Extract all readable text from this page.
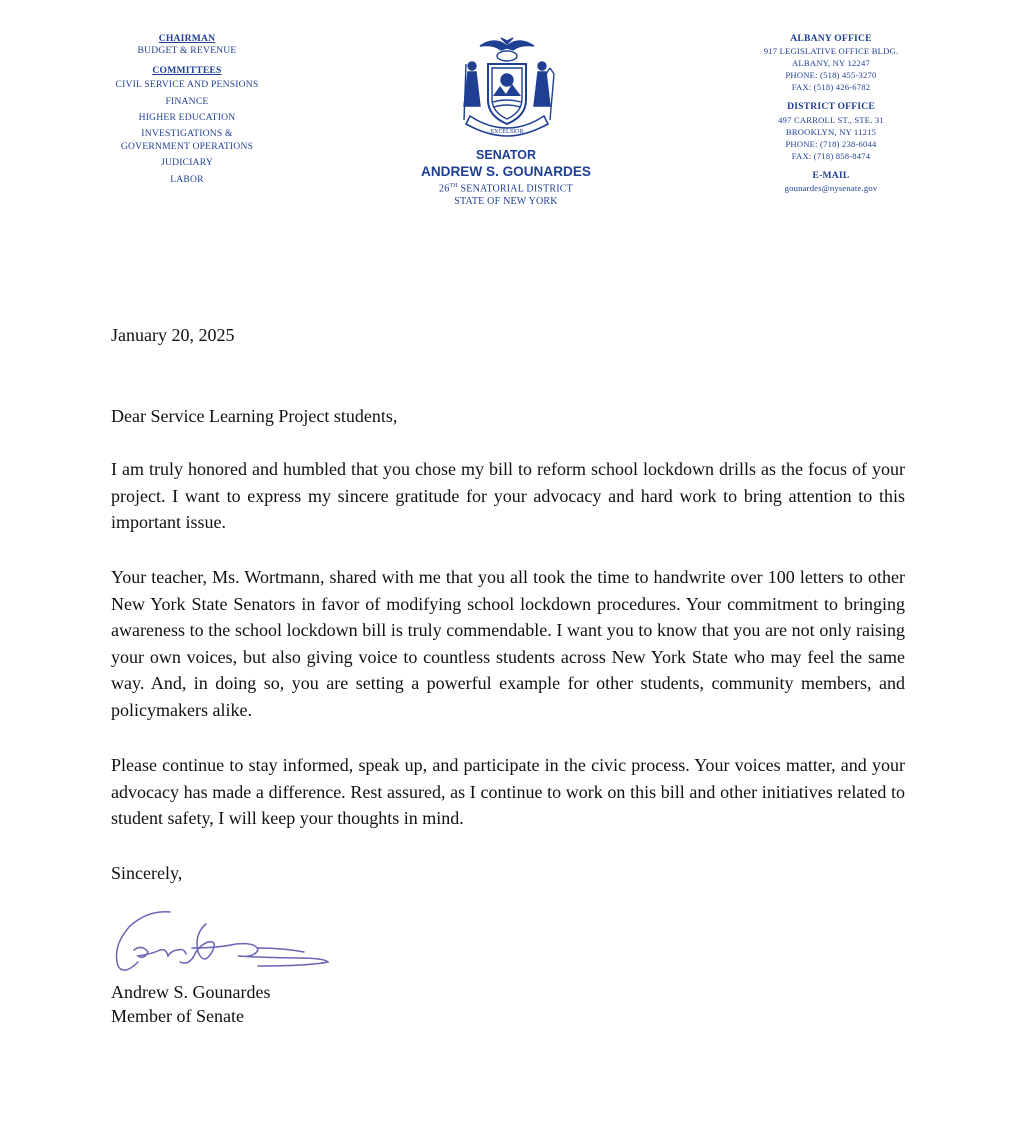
CHAIRMAN
BUDGET & REVENUE
COMMITTEES
CIVIL SERVICE AND PENSIONS
FINANCE
HIGHER EDUCATION
INVESTIGATIONS &
GOVERNMENT OPERATIONS
JUDICIARY
LABOR
EXCELSIOR
SENATOR
ANDREW S. GOUNARDES
26TH SENATORIAL DISTRICT
STATE OF NEW YORK
ALBANY OFFICE
917 LEGISLATIVE OFFICE BLDG.
ALBANY, NY 12247
PHONE: (518) 455-3270
FAX: (518) 426-6782
DISTRICT OFFICE
497 CARROLL ST., STE. 31
BROOKLYN, NY 11215
PHONE: (718) 238-6044
FAX: (718) 858-8474
E-MAIL
gounardes@nysenate.gov
January 20, 2025
Dear Service Learning Project students,
I am truly honored and humbled that you chose my bill to reform school lockdown drills as the focus of your project. I want to express my sincere gratitude for your advocacy and hard work to bring attention to this important issue.
Your teacher, Ms. Wortmann, shared with me that you all took the time to handwrite over 100 letters to other New York State Senators in favor of modifying school lockdown procedures. Your commitment to bringing awareness to the school lockdown bill is truly commendable. I want you to know that you are not only raising your own voices, but also giving voice to countless students across New York State who may feel the same way. And, in doing so, you are setting a powerful example for other students, community members, and policymakers alike.
Please continue to stay informed, speak up, and participate in the civic process. Your voices matter, and your advocacy has made a difference. Rest assured, as I continue to work on this bill and other initiatives related to student safety, I will keep your thoughts in mind.
Sincerely,
Andrew S. Gounardes
Member of Senate
